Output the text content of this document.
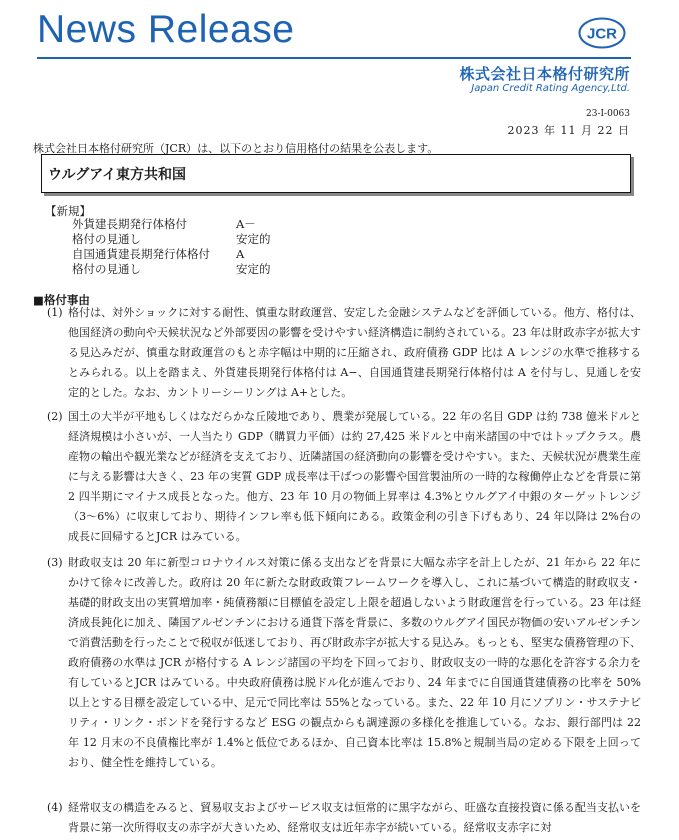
News Release	JCR
株式会社日本格付研究所
Japan Credit Rating Agency,Ltd.
23-I-0063
2023 年 11 月 22 日
株式会社日本格付研究所（JCR）は、以下のとおり信用格付の結果を公表します。
ウルグアイ東方共和国
【新規】
外貨建長期発行体格付	A－
格付の見通し	安定的
自国通貨建長期発行体格付	A
格付の見通し	安定的
■格付事由
(1) 格付は、対外ショックに対する耐性、慎重な財政運営、安定した金融システムなどを評価している。他方、格付は、他国経済の動向や天候状況など外部要因の影響を受けやすい経済構造に制約されている。23 年は財政赤字が拡大する見込みだが、慎重な財政運営のもと赤字幅は中期的に圧縮され、政府債務 GDP 比は A レンジの水準で推移するとみられる。以上を踏まえ、外貨建長期発行体格付は A−、自国通貨建長期発行体格付は A を付与し、見通しを安定的とした。なお、カントリーシーリングは A+とした。
(2) 国土の大半が平地もしくはなだらかな丘陵地であり、農業が発展している。22 年の名目 GDP は約 738 億米ドルと経済規模は小さいが、一人当たり GDP（購買力平価）は約 27,425 米ドルと中南米諸国の中ではトップクラス。農産物の輸出や観光業などが経済を支えており、近隣諸国の経済動向の影響を受けやすい。また、天候状況が農業生産に与える影響は大きく、23 年の実質 GDP 成長率は干ばつの影響や国営製油所の一時的な稼働停止などを背景に第 2 四半期にマイナス成長となった。他方、23 年 10 月の物価上昇率は 4.3%とウルグアイ中銀のターゲットレンジ（3～6%）に収束しており、期待インフレ率も低下傾向にある。政策金利の引き下げもあり、24 年以降は 2%台の成長に回帰するとJCR はみている。
(3) 財政収支は 20 年に新型コロナウイルス対策に係る支出などを背景に大幅な赤字を計上したが、21 年から 22 年にかけて徐々に改善した。政府は 20 年に新たな財政政策フレームワークを導入し、これに基づいて構造的財政収支・基礎的財政支出の実質増加率・純債務額に目標値を設定し上限を超過しないよう財政運営を行っている。23 年は経済成長鈍化に加え、隣国アルゼンチンにおける通貨下落を背景に、多数のウルグアイ国民が物価の安いアルゼンチンで消費活動を行ったことで税収が低迷しており、再び財政赤字が拡大する見込み。もっとも、堅実な債務管理の下、政府債務の水準は JCR が格付する A レンジ諸国の平均を下回っており、財政収支の一時的な悪化を許容する余力を有しているとJCR はみている。中央政府債務は脱ドル化が進んでおり、24 年までに自国通貨建債務の比率を 50%以上とする目標を設定している中、足元で同比率は 55%となっている。また、22 年 10 月にソブリン・サステナビリティ・リンク・ボンドを発行するなど ESG の観点からも調達源の多様化を推進している。なお、銀行部門は 22 年 12 月末の不良債権比率が 1.4%と低位であるほか、自己資本比率は 15.8%と規制当局の定める下限を上回っており、健全性を維持している。
(4) 経常収支の構造をみると、貿易収支およびサービス収支は恒常的に黒字ながら、旺盛な直接投資に係る配当支払いを背景に第一次所得収支の赤字が大きいため、経常収支は近年赤字が続いている。経常収支赤字に対
